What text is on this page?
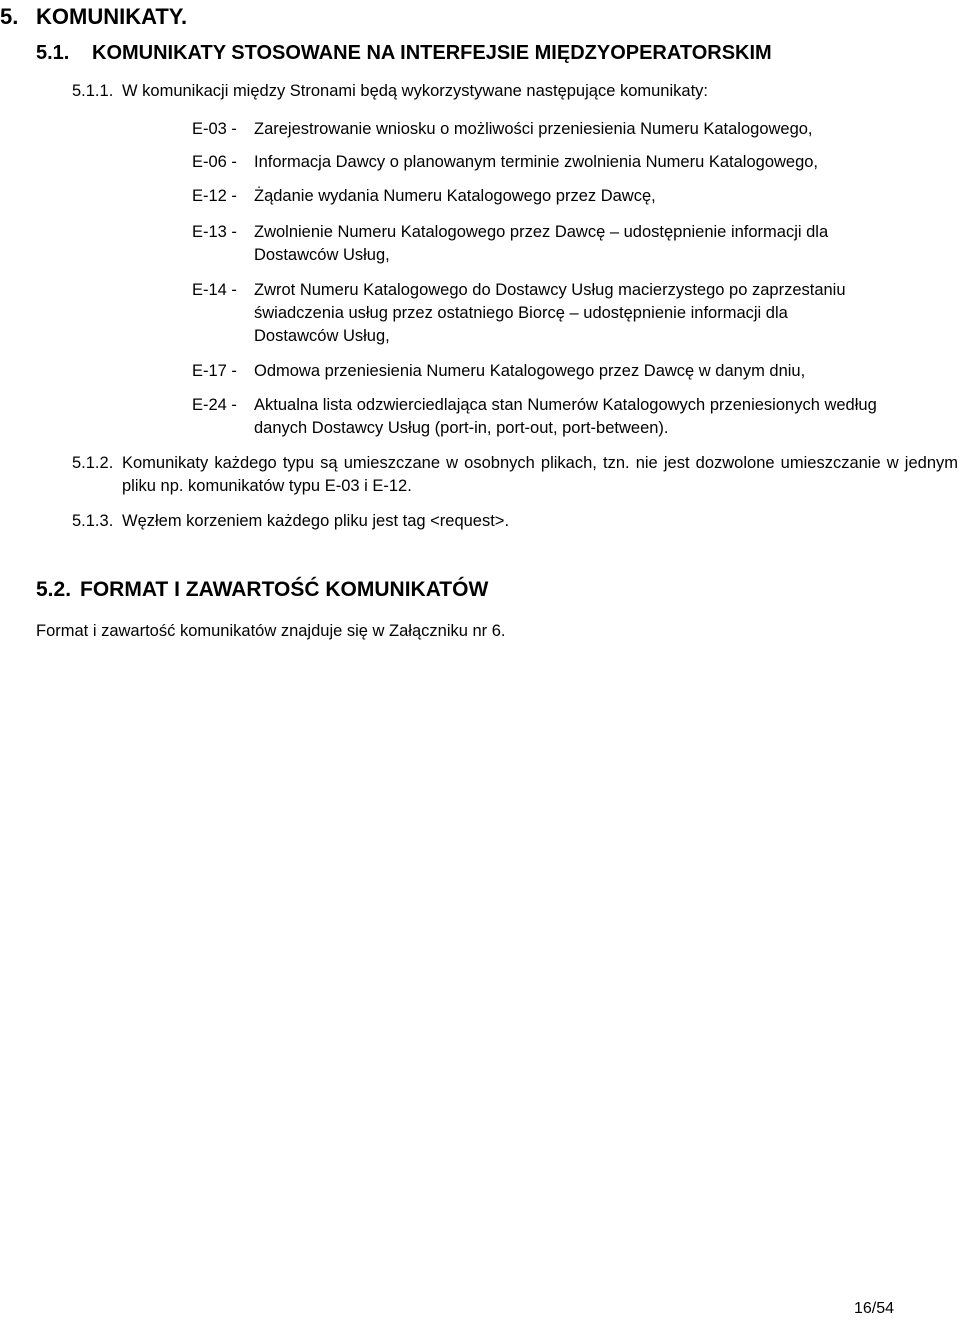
5. KOMUNIKATY.
5.1. KOMUNIKATY STOSOWANE NA INTERFEJSIE MIĘDZYOPERATORSKIM
5.1.1. W komunikacji między Stronami będą wykorzystywane następujące komunikaty:
E-03 - Zarejestrowanie wniosku o możliwości przeniesienia Numeru Katalogowego,
E-06 - Informacja Dawcy o planowanym terminie zwolnienia Numeru Katalogowego,
E-12 - Żądanie wydania Numeru Katalogowego przez Dawcę,
E-13 - Zwolnienie Numeru Katalogowego przez Dawcę – udostępnienie informacji dla Dostawców Usług,
E-14 - Zwrot Numeru Katalogowego do Dostawcy Usług macierzystego po zaprzestaniu świadczenia usług przez ostatniego Biorcę – udostępnienie informacji dla Dostawców Usług,
E-17 - Odmowa przeniesienia Numeru Katalogowego przez Dawcę w danym dniu,
E-24 - Aktualna lista odzwierciedlająca stan Numerów Katalogowych przeniesionych według danych Dostawcy Usług (port-in, port-out, port-between).
5.1.2. Komunikaty każdego typu są umieszczane w osobnych plikach, tzn. nie jest dozwolone umieszczanie w jednym pliku np. komunikatów typu E-03 i E-12.
5.1.3. Węzłem korzeniem każdego pliku jest tag <request>.
5.2. FORMAT I ZAWARTOŚĆ KOMUNIKATÓW
Format i zawartość komunikatów znajduje się w Załączniku nr 6.
16/54
